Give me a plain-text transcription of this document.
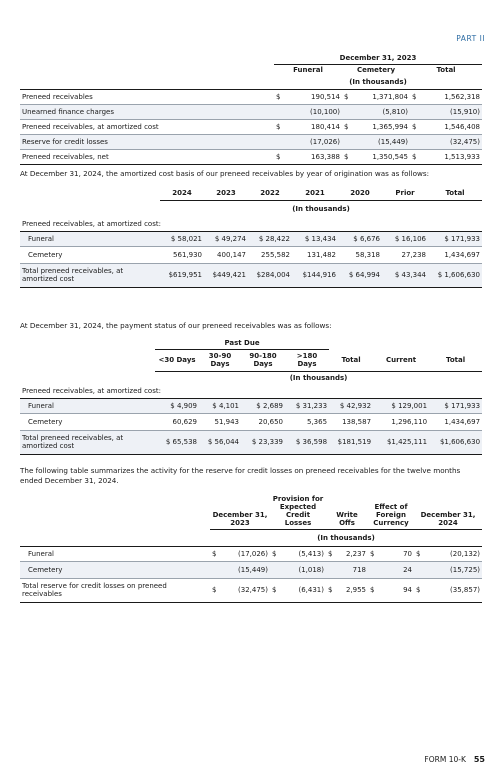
PART II
	December 31, 2023					
	Funeral		Cemetery		Total	
	(In thousands)					
Preneed receivables	$	190,514	$	1,371,804	$	1,562,318
Unearned finance charges		(10,100)		(5,810)		(15,910)
Preneed receivables, at amortized cost	$	180,414	$	1,365,994	$	1,546,408
Reserve for credit losses		(17,026)		(15,449)		(32,475)
Preneed receivables, net	$	163,388	$	1,350,545	$	1,513,933

At December 31, 2024, the amortized cost basis of our preneed receivables by year of origination was as follows:

	2024	2023	2022	2021	2020	Prior	Total
	(In thousands)						
Preneed receivables, at amortized cost:							
Funeral	$ 58,021	$ 49,274	$ 28,422	$ 13,434	$ 6,676	$ 16,106	$ 171,933
Cemetery	561,930	400,147	255,582	131,482	58,318	27,238	1,434,697
Total preneed receivables, at amortized cost	$619,951	$449,421	$284,004	$144,916	$ 64,994	$ 43,344	$ 1,606,630

At December 31, 2024, the payment status of our preneed receivables was as follows:

	Past Due						
	<30 Days	30-90 Days	90-180 Days	>180 Days	Total	Current	Total
	(In thousands)						
Preneed receivables, at amortized cost:							
Funeral	$ 4,909	$ 4,101	$ 2,689	$ 31,233	$ 42,932	$ 129,001	$ 171,933
Cemetery	60,629	51,943	20,650	5,365	138,587	1,296,110	1,434,697
Total preneed receivables, at amortized cost	$ 65,538	$ 56,044	$ 23,339	$ 36,598	$181,519	$1,425,111	$1,606,630

The following table summarizes the activity for the reserve for credit losses on preneed receivables for the twelve months ended December 31, 2024.

	December 31, 2023		Provision for Expected Credit Losses		Write Offs		Effect of Foreign Currency		December 31, 2024	
	(In thousands)									
Funeral	$	(17,026)	$	(5,413)	$	2,237	$	70	$	(20,132)
Cemetery		(15,449)		(1,018)		718		24		(15,725)
Total reserve for credit losses on preneed receivables	$	(32,475)	$	(6,431)	$	2,955	$	94	$	(35,857)
FORM 10-K 55
